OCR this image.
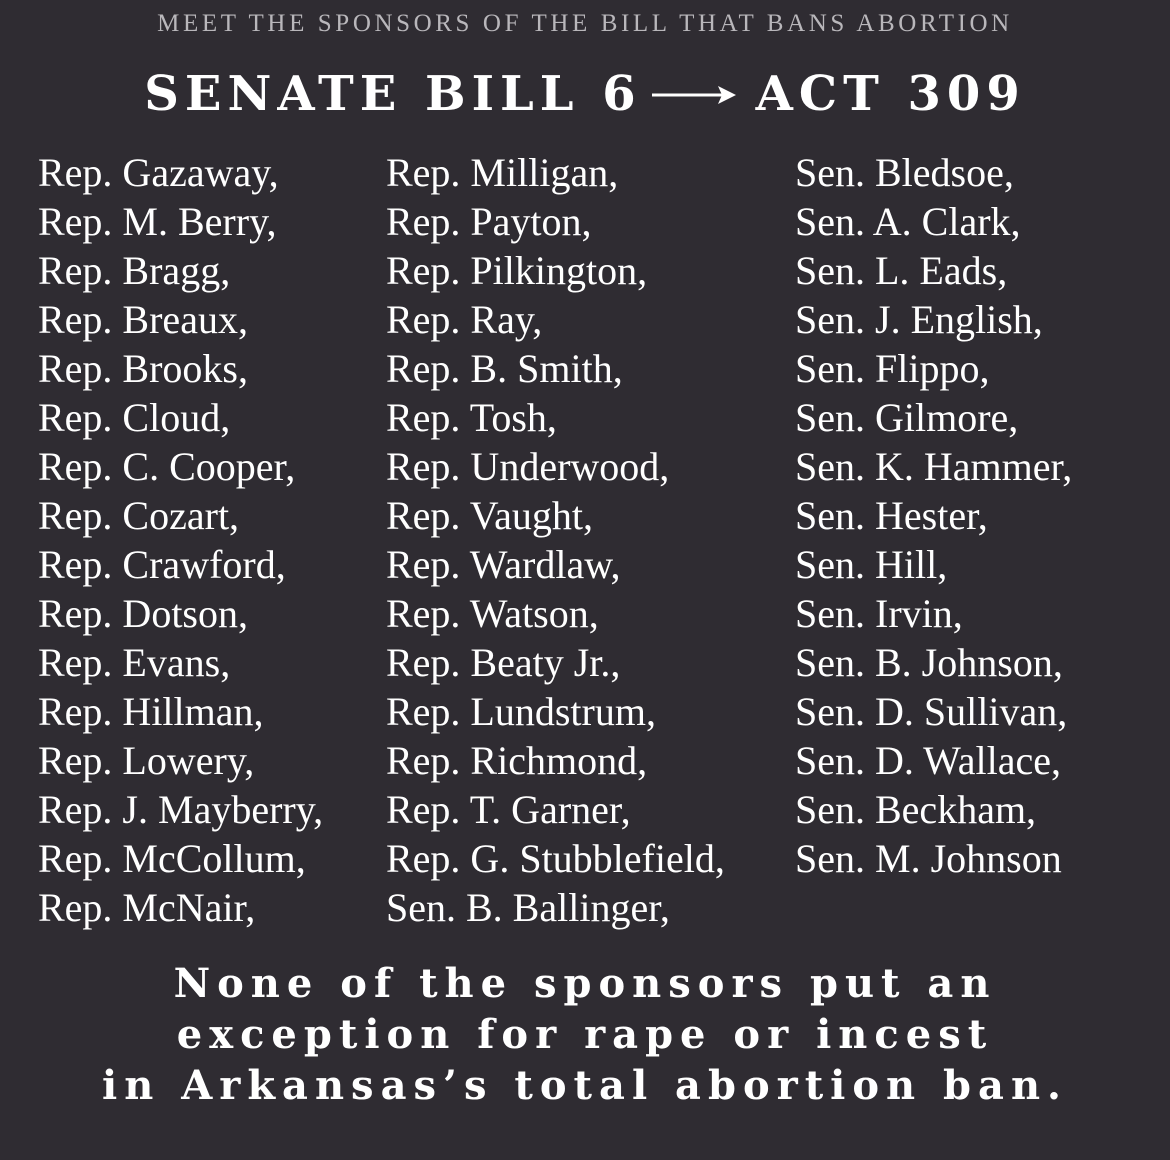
MEET THE SPONSORS OF THE BILL THAT BANS ABORTION
SENATE BILL 6 ACT 309
Rep. Gazaway,
Rep. M. Berry,
Rep. Bragg,
Rep. Breaux,
Rep. Brooks,
Rep. Cloud,
Rep. C. Cooper,
Rep. Cozart,
Rep. Crawford,
Rep. Dotson,
Rep. Evans,
Rep. Hillman,
Rep. Lowery,
Rep. J. Mayberry,
Rep. McCollum,
Rep. McNair,
Rep. Milligan,
Rep. Payton,
Rep. Pilkington,
Rep. Ray,
Rep. B. Smith,
Rep. Tosh,
Rep. Underwood,
Rep. Vaught,
Rep. Wardlaw,
Rep. Watson,
Rep. Beaty Jr.,
Rep. Lundstrum,
Rep. Richmond,
Rep. T. Garner,
Rep. G. Stubblefield,
Sen. B. Ballinger,
Sen. Bledsoe,
Sen. A. Clark,
Sen. L. Eads,
Sen. J. English,
Sen. Flippo,
Sen. Gilmore,
Sen. K. Hammer,
Sen. Hester,
Sen. Hill,
Sen. Irvin,
Sen. B. Johnson,
Sen. D. Sullivan,
Sen. D. Wallace,
Sen. Beckham,
Sen. M. Johnson
None of the sponsors put an
exception for rape or incest
in Arkansas’s total abortion ban.
